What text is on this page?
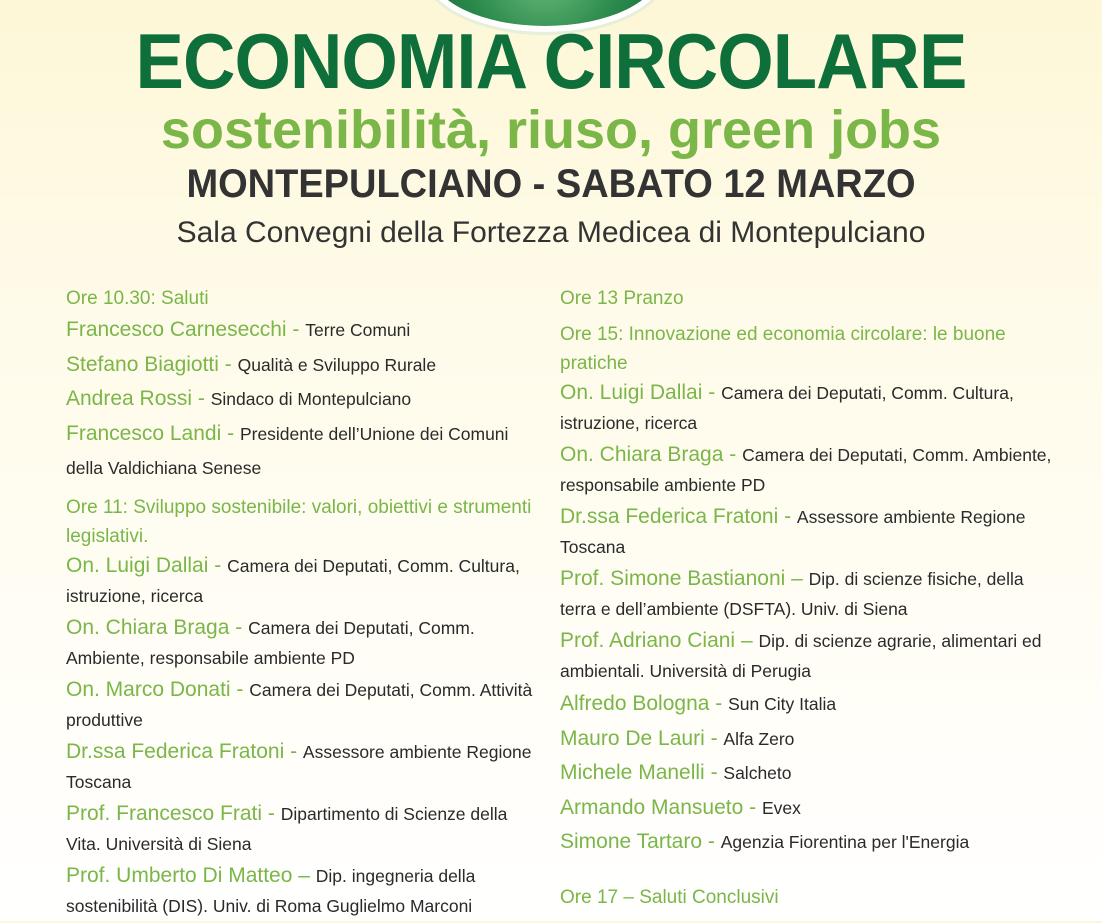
ECONOMIA CIRCOLARE
sostenibilità, riuso, green jobs
MONTEPULCIANO - SABATO 12 MARZO

Sala Convegni della Fortezza Medicea di Montepulciano

Ore 10.30: Saluti

Francesco Carnesecchi - Terre Comuni

Stefano Biagiotti - Qualità e Sviluppo Rurale

Andrea Rossi - Sindaco di Montepulciano

Francesco Landi - Presidente dell’Unione dei Comuni della Valdichiana Senese

Ore 11: Sviluppo sostenibile: valori, obiettivi e strumenti legislativi.

On. Luigi Dallai - Camera dei Deputati, Comm. Cultura, istruzione, ricerca

On. Chiara Braga - Camera dei Deputati, Comm. Ambiente, responsabile ambiente PD

On. Marco Donati - Camera dei Deputati, Comm. Attività produttive

Dr.ssa Federica Fratoni - Assessore ambiente Regione Toscana

Prof. Francesco Frati - Dipartimento di Scienze della Vita. Università di Siena

Prof. Umberto Di Matteo – Dip. ingegneria della sostenibilità (DIS). Univ. di Roma Guglielmo Marconi

Ore 13 Pranzo

Ore 15: Innovazione ed economia circolare: le buone pratiche

On. Luigi Dallai - Camera dei Deputati, Comm. Cultura, istruzione, ricerca

On. Chiara Braga - Camera dei Deputati, Comm. Ambiente, responsabile ambiente PD

Dr.ssa Federica Fratoni - Assessore ambiente Regione Toscana

Prof. Simone Bastianoni – Dip. di scienze fisiche, della terra e dell’ambiente (DSFTA). Univ. di Siena

Prof. Adriano Ciani – Dip. di scienze agrarie, alimentari ed ambientali. Università di Perugia

Alfredo Bologna - Sun City Italia

Mauro De Lauri - Alfa Zero

Michele Manelli - Salcheto

Armando Mansueto - Evex

Simone Tartaro - Agenzia Fiorentina per l'Energia

Ore 17 – Saluti Conclusivi
